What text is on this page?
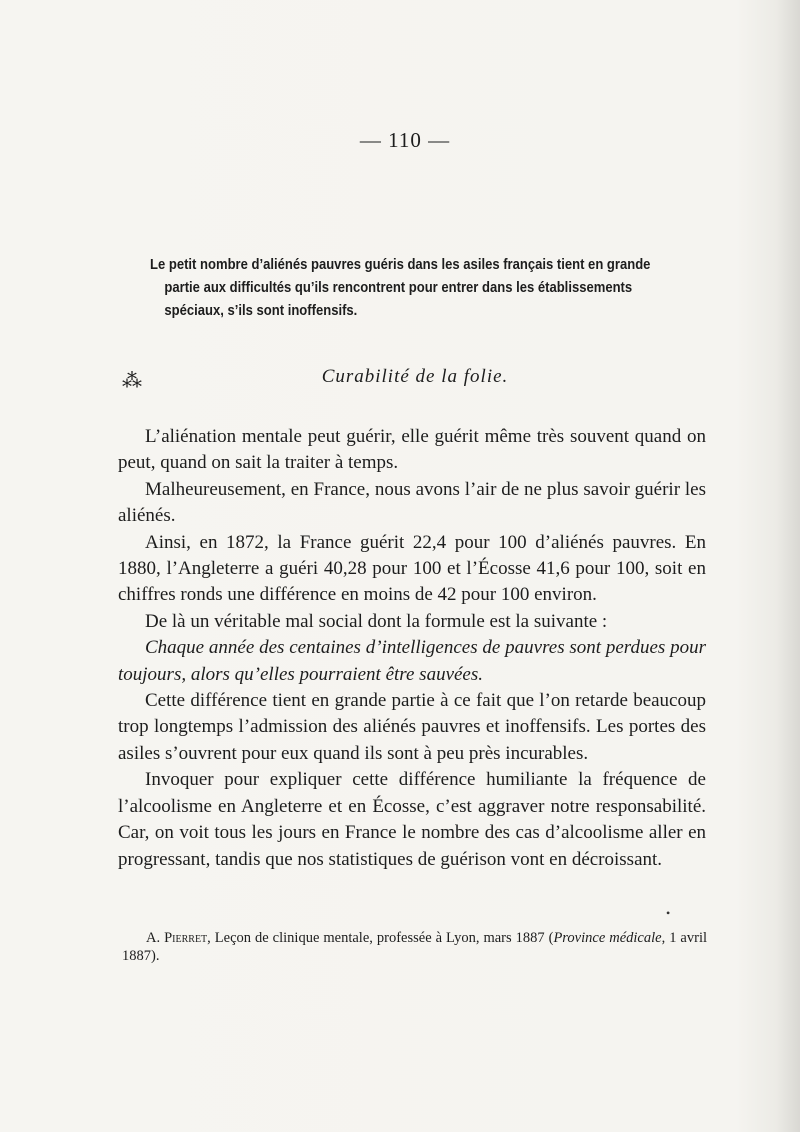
— 110 —
Le petit nombre d’aliénés pauvres guéris dans les asiles français tient en grande
partie aux difficultés qu’ils rencontrent pour entrer dans les établissements
spéciaux, s’ils sont inoffensifs.
⁂	Curabilité de la folie.

L’aliénation mentale peut guérir, elle guérit même très souvent quand on peut, quand on sait la traiter à temps.

Malheureusement, en France, nous avons l’air de ne plus savoir guérir les aliénés.

Ainsi, en 1872, la France guérit 22,4 pour 100 d’aliénés pauvres. En 1880, l’Angleterre a guéri 40,28 pour 100 et l’Écosse 41,6 pour 100, soit en chiffres ronds une différence en moins de 42 pour 100 environ.

De là un véritable mal social dont la formule est la suivante :

Chaque année des centaines d’intelligences de pauvres sont perdues pour toujours, alors qu’elles pourraient être sauvées.

Cette différence tient en grande partie à ce fait que l’on retarde beaucoup trop longtemps l’admission des aliénés pauvres et inoffensifs. Les portes des asiles s’ouvrent pour eux quand ils sont à peu près incurables.

Invoquer pour expliquer cette différence humiliante la fréquence de l’alcoolisme en Angleterre et en Écosse, c’est aggraver notre responsabilité. Car, on voit tous les jours en France le nombre des cas d’alcoolisme aller en progressant, tandis que nos statistiques de guérison vont en décroissant.

•
A. Pierret, Leçon de clinique mentale, professée à Lyon, mars 1887 (Province médicale, 1 avril 1887).
